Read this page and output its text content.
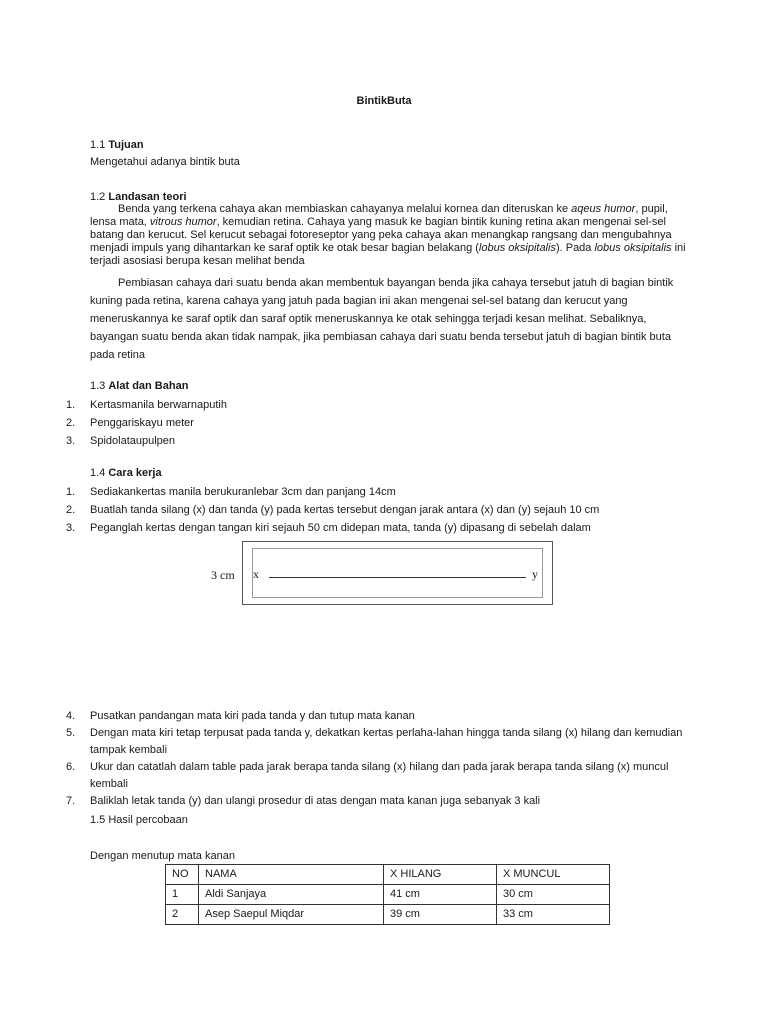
BintikButa
1.1 Tujuan
Mengetahui adanya bintik buta
1.2 Landasan teori
Benda yang terkena cahaya akan membiaskan cahayanya melalui kornea dan diteruskan ke aqeus humor, pupil, lensa mata, vitrous humor, kemudian retina. Cahaya yang masuk ke bagian bintik kuning retina akan mengenai sel-sel batang dan kerucut. Sel kerucut sebagai fotoreseptor yang peka cahaya akan menangkap rangsang dan mengubahnya menjadi impuls yang dihantarkan ke saraf optik ke otak besar bagian belakang (lobus oksipitalis). Pada lobus oksipitalis ini terjadi asosiasi berupa kesan melihat benda
Pembiasan cahaya dari suatu benda akan membentuk bayangan benda jika cahaya tersebut jatuh di bagian bintik kuning pada retina, karena cahaya yang jatuh pada bagian ini akan mengenai sel-sel batang dan kerucut yang meneruskannya ke saraf optik dan saraf optik meneruskannya ke otak sehingga terjadi kesan melihat. Sebaliknya, bayangan suatu benda akan tidak nampak, jika pembiasan cahaya dari suatu benda tersebut jatuh di bagian bintik buta pada retina
1.3 Alat dan Bahan
1.	Kertasmanila berwarnaputih
2.	Penggariskayu meter
3.	Spidolataupulpen
1.4 Cara kerja
1.	Sediakankertas manila berukuranlebar 3cm dan panjang 14cm
2.	Buatlah tanda silang (x) dan tanda (y) pada kertas tersebut dengan jarak antara (x) dan (y) sejauh 10 cm
3.	Peganglah kertas dengan tangan kiri sejauh 50 cm didepan mata, tanda (y) dipasang di sebelah dalam
3 cm x	y
4.	Pusatkan pandangan mata kiri pada tanda y dan tutup mata kanan
5.	Dengan mata kiri tetap terpusat pada tanda y, dekatkan kertas perlaha-lahan hingga tanda silang (x) hilang dan kemudian tampak kembali
6.	Ukur dan catatlah dalam table pada jarak berapa tanda silang (x) hilang dan pada jarak berapa tanda silang (x) muncul kembali
7.	Baliklah letak tanda (y) dan ulangi prosedur di atas dengan mata kanan juga sebanyak 3 kali
1.5 Hasil percobaan
Dengan menutup mata kanan
NO	NAMA	X HILANG	X MUNCUL
1	Aldi Sanjaya	41 cm	30 cm
2	Asep Saepul Miqdar	39 cm	33 cm
